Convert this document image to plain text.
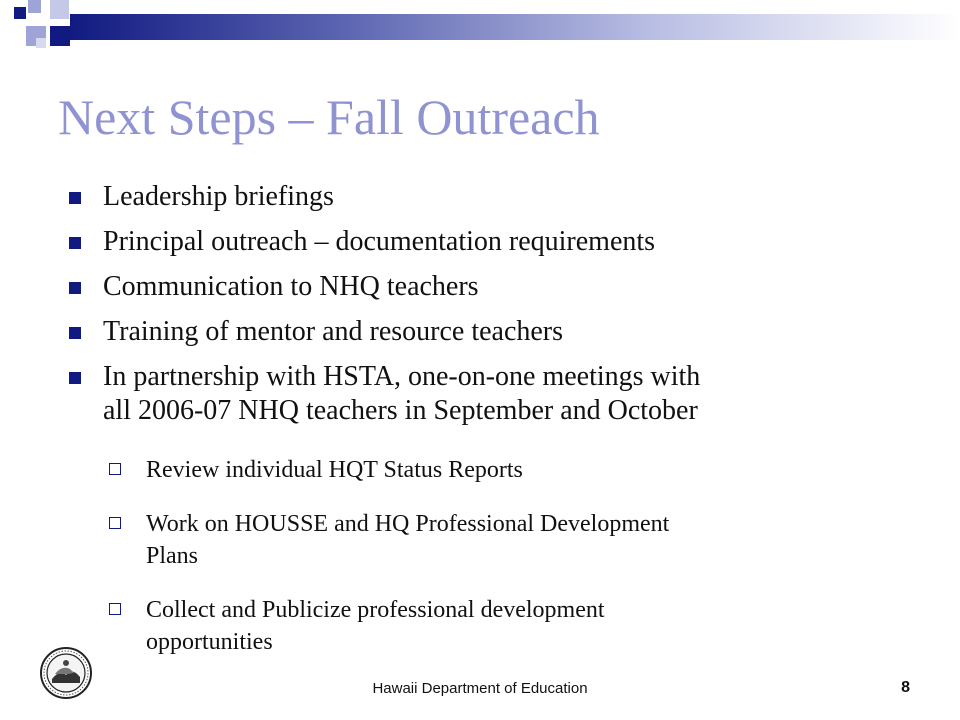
Next Steps – Fall Outreach
Leadership briefings
Principal outreach – documentation requirements
Communication to NHQ teachers
Training of mentor and resource teachers
In partnership with HSTA, one-on-one meetings with
all 2006-07 NHQ teachers in September and October
Review individual HQT Status Reports
Work on HOUSSE and HQ Professional Development
Plans
Collect and Publicize professional development
opportunities
Hawaii Department of Education	8
